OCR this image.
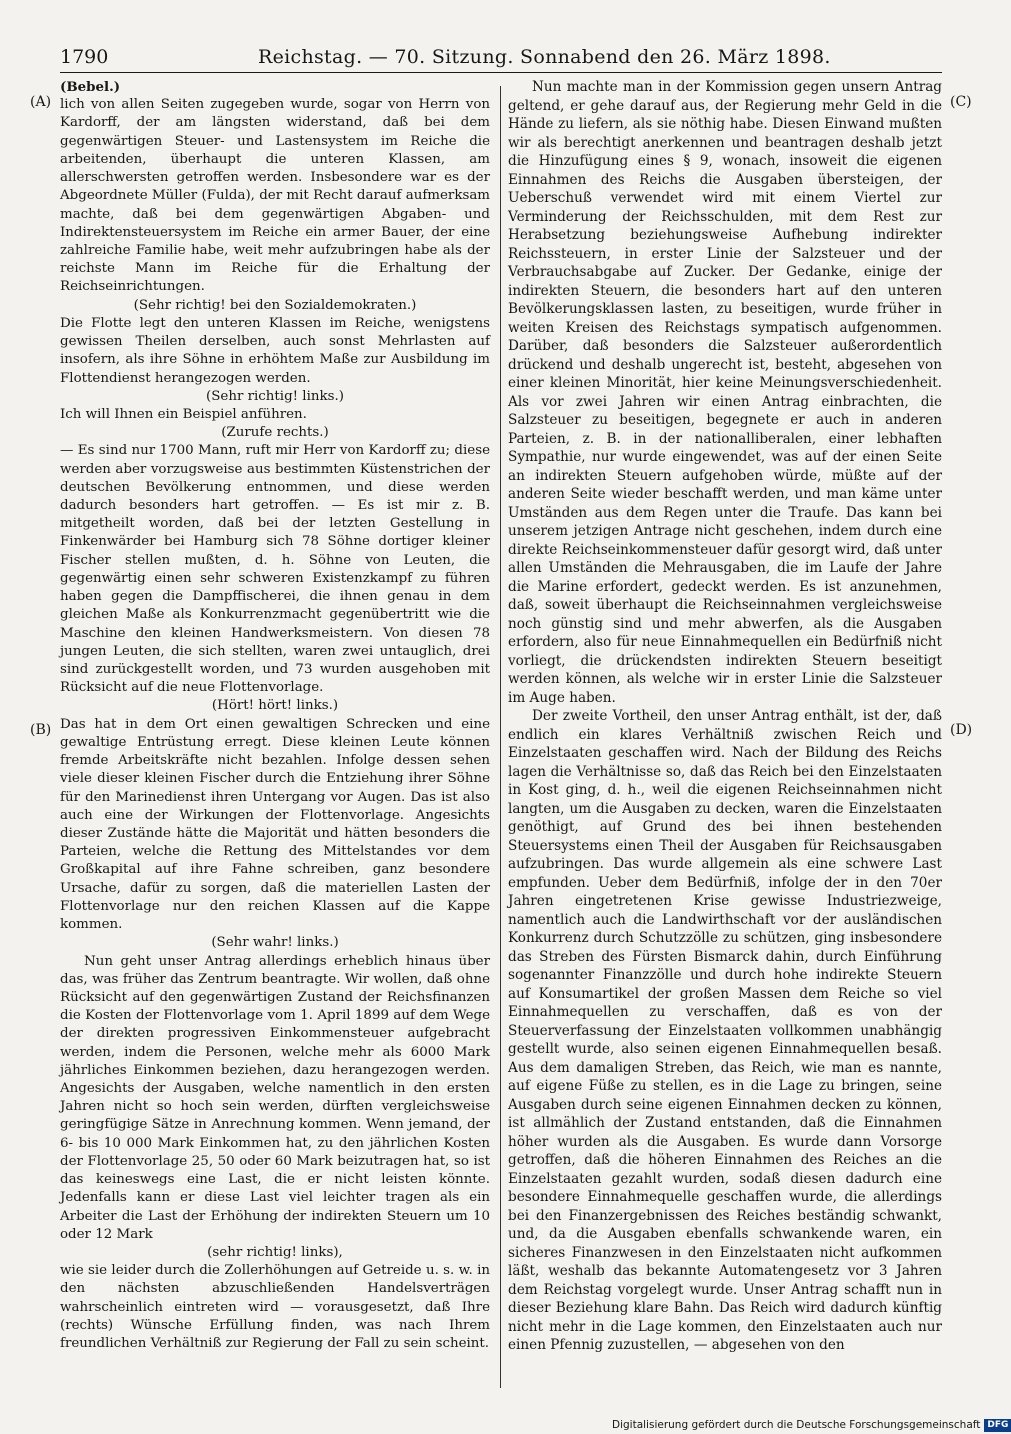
1790	Reichstag. — 70. Sitzung. Sonnabend den 26. März 1898.

(Bebel.)

lich von allen Seiten zugegeben wurde, sogar von Herrn von Kardorff, der am längsten widerstand, daß bei dem gegenwärtigen Steuer- und Lastensystem im Reiche die arbeitenden, überhaupt die unteren Klassen, am allerschwersten getroffen werden. Insbesondere war es der Abgeordnete Müller (Fulda), der mit Recht darauf aufmerksam machte, daß bei dem gegenwärtigen Abgaben- und Indirektensteuersystem im Reiche ein armer Bauer, der eine zahlreiche Familie habe, weit mehr aufzubringen habe als der reichste Mann im Reiche für die Erhaltung der Reichseinrichtungen.

(Sehr richtig! bei den Sozialdemokraten.)

Die Flotte legt den unteren Klassen im Reiche, wenigstens gewissen Theilen derselben, auch sonst Mehrlasten auf insofern, als ihre Söhne in erhöhtem Maße zur Ausbildung im Flottendienst herangezogen werden.

(Sehr richtig! links.)

Ich will Ihnen ein Beispiel anführen.

(Zurufe rechts.)

— Es sind nur 1700 Mann, ruft mir Herr von Kardorff zu; diese werden aber vorzugsweise aus bestimmten Küstenstrichen der deutschen Bevölkerung entnommen, und diese werden dadurch besonders hart getroffen. — Es ist mir z. B. mitgetheilt worden, daß bei der letzten Gestellung in Finkenwärder bei Hamburg sich 78 Söhne dortiger kleiner Fischer stellen mußten, d. h. Söhne von Leuten, die gegenwärtig einen sehr schweren Existenzkampf zu führen haben gegen die Dampffischerei, die ihnen genau in dem gleichen Maße als Konkurrenzmacht gegenübertritt wie die Maschine den kleinen Handwerksmeistern. Von diesen 78 jungen Leuten, die sich stellten, waren zwei untauglich, drei sind zurückgestellt worden, und 73 wurden ausgehoben mit Rücksicht auf die neue Flottenvorlage.

(Hört! hört! links.)

Das hat in dem Ort einen gewaltigen Schrecken und eine gewaltige Entrüstung erregt. Diese kleinen Leute können fremde Arbeitskräfte nicht bezahlen. Infolge dessen sehen viele dieser kleinen Fischer durch die Entziehung ihrer Söhne für den Marinedienst ihren Untergang vor Augen. Das ist also auch eine der Wirkungen der Flottenvorlage. Angesichts dieser Zustände hätte die Majorität und hätten besonders die Parteien, welche die Rettung des Mittelstandes vor dem Großkapital auf ihre Fahne schreiben, ganz besondere Ursache, dafür zu sorgen, daß die materiellen Lasten der Flottenvorlage nur den reichen Klassen auf die Kappe kommen.

(Sehr wahr! links.)

Nun geht unser Antrag allerdings erheblich hinaus über das, was früher das Zentrum beantragte. Wir wollen, daß ohne Rücksicht auf den gegenwärtigen Zustand der Reichsfinanzen die Kosten der Flottenvorlage vom 1. April 1899 auf dem Wege der direkten progressiven Einkommensteuer aufgebracht werden, indem die Personen, welche mehr als 6000 Mark jährliches Einkommen beziehen, dazu herangezogen werden. Angesichts der Ausgaben, welche namentlich in den ersten Jahren nicht so hoch sein werden, dürften vergleichsweise geringfügige Sätze in Anrechnung kommen. Wenn jemand, der 6- bis 10 000 Mark Einkommen hat, zu den jährlichen Kosten der Flottenvorlage 25, 50 oder 60 Mark beizutragen hat, so ist das keineswegs eine Last, die er nicht leisten könnte. Jedenfalls kann er diese Last viel leichter tragen als ein Arbeiter die Last der Erhöhung der indirekten Steuern um 10 oder 12 Mark

(sehr richtig! links),

wie sie leider durch die Zollerhöhungen auf Getreide u. s. w. in den nächsten abzuschließenden Handelsverträgen wahrscheinlich eintreten wird — vorausgesetzt, daß Ihre (rechts) Wünsche Erfüllung finden, was nach Ihrem freundlichen Verhältniß zur Regierung der Fall zu sein scheint.

Nun machte man in der Kommission gegen unsern Antrag geltend, er gehe darauf aus, der Regierung mehr Geld in die Hände zu liefern, als sie nöthig habe. Diesen Einwand mußten wir als berechtigt anerkennen und beantragen deshalb jetzt die Hinzufügung eines § 9, wonach, insoweit die eigenen Einnahmen des Reichs die Ausgaben übersteigen, der Ueberschuß verwendet wird mit einem Viertel zur Verminderung der Reichsschulden, mit dem Rest zur Herabsetzung beziehungsweise Aufhebung indirekter Reichssteuern, in erster Linie der Salzsteuer und der Verbrauchsabgabe auf Zucker. Der Gedanke, einige der indirekten Steuern, die besonders hart auf den unteren Bevölkerungsklassen lasten, zu beseitigen, wurde früher in weiten Kreisen des Reichstags sympatisch aufgenommen. Darüber, daß besonders die Salzsteuer außerordentlich drückend und deshalb ungerecht ist, besteht, abgesehen von einer kleinen Minorität, hier keine Meinungsverschiedenheit. Als vor zwei Jahren wir einen Antrag einbrachten, die Salzsteuer zu beseitigen, begegnete er auch in anderen Parteien, z. B. in der nationalliberalen, einer lebhaften Sympathie, nur wurde eingewendet, was auf der einen Seite an indirekten Steuern aufgehoben würde, müßte auf der anderen Seite wieder beschafft werden, und man käme unter Umständen aus dem Regen unter die Traufe. Das kann bei unserem jetzigen Antrage nicht geschehen, indem durch eine direkte Reichseinkommensteuer dafür gesorgt wird, daß unter allen Umständen die Mehrausgaben, die im Laufe der Jahre die Marine erfordert, gedeckt werden. Es ist anzunehmen, daß, soweit überhaupt die Reichseinnahmen vergleichsweise noch günstig sind und mehr abwerfen, als die Ausgaben erfordern, also für neue Einnahmequellen ein Bedürfniß nicht vorliegt, die drückendsten indirekten Steuern beseitigt werden können, als welche wir in erster Linie die Salzsteuer im Auge haben.

Der zweite Vortheil, den unser Antrag enthält, ist der, daß endlich ein klares Verhältniß zwischen Reich und Einzelstaaten geschaffen wird. Nach der Bildung des Reichs lagen die Verhältnisse so, daß das Reich bei den Einzelstaaten in Kost ging, d. h., weil die eigenen Reichseinnahmen nicht langten, um die Ausgaben zu decken, waren die Einzelstaaten genöthigt, auf Grund des bei ihnen bestehenden Steuersystems einen Theil der Ausgaben für Reichsausgaben aufzubringen. Das wurde allgemein als eine schwere Last empfunden. Ueber dem Bedürfniß, infolge der in den 70er Jahren eingetretenen Krise gewisse Industriezweige, namentlich auch die Landwirthschaft vor der ausländischen Konkurrenz durch Schutzzölle zu schützen, ging insbesondere das Streben des Fürsten Bismarck dahin, durch Einführung sogenannter Finanzzölle und durch hohe indirekte Steuern auf Konsumartikel der großen Massen dem Reiche so viel Einnahmequellen zu verschaffen, daß es von der Steuerverfassung der Einzelstaaten vollkommen unabhängig gestellt wurde, also seinen eigenen Einnahmequellen besaß. Aus dem damaligen Streben, das Reich, wie man es nannte, auf eigene Füße zu stellen, es in die Lage zu bringen, seine Ausgaben durch seine eigenen Einnahmen decken zu können, ist allmählich der Zustand entstanden, daß die Einnahmen höher wurden als die Ausgaben. Es wurde dann Vorsorge getroffen, daß die höheren Einnahmen des Reiches an die Einzelstaaten gezahlt wurden, sodaß diesen dadurch eine besondere Einnahmequelle geschaffen wurde, die allerdings bei den Finanzergebnissen des Reiches beständig schwankt, und, da die Ausgaben ebenfalls schwankende waren, ein sicheres Finanzwesen in den Einzelstaaten nicht aufkommen läßt, weshalb das bekannte Automatengesetz vor 3 Jahren dem Reichstag vorgelegt wurde. Unser Antrag schafft nun in dieser Beziehung klare Bahn. Das Reich wird dadurch künftig nicht mehr in die Lage kommen, den Einzelstaaten auch nur einen Pfennig zuzustellen, — abgesehen von den

(A)
(B)
(C)
(D)
Digitalisierung gefördert durch die Deutsche Forschungsgemeinschaft DFG
